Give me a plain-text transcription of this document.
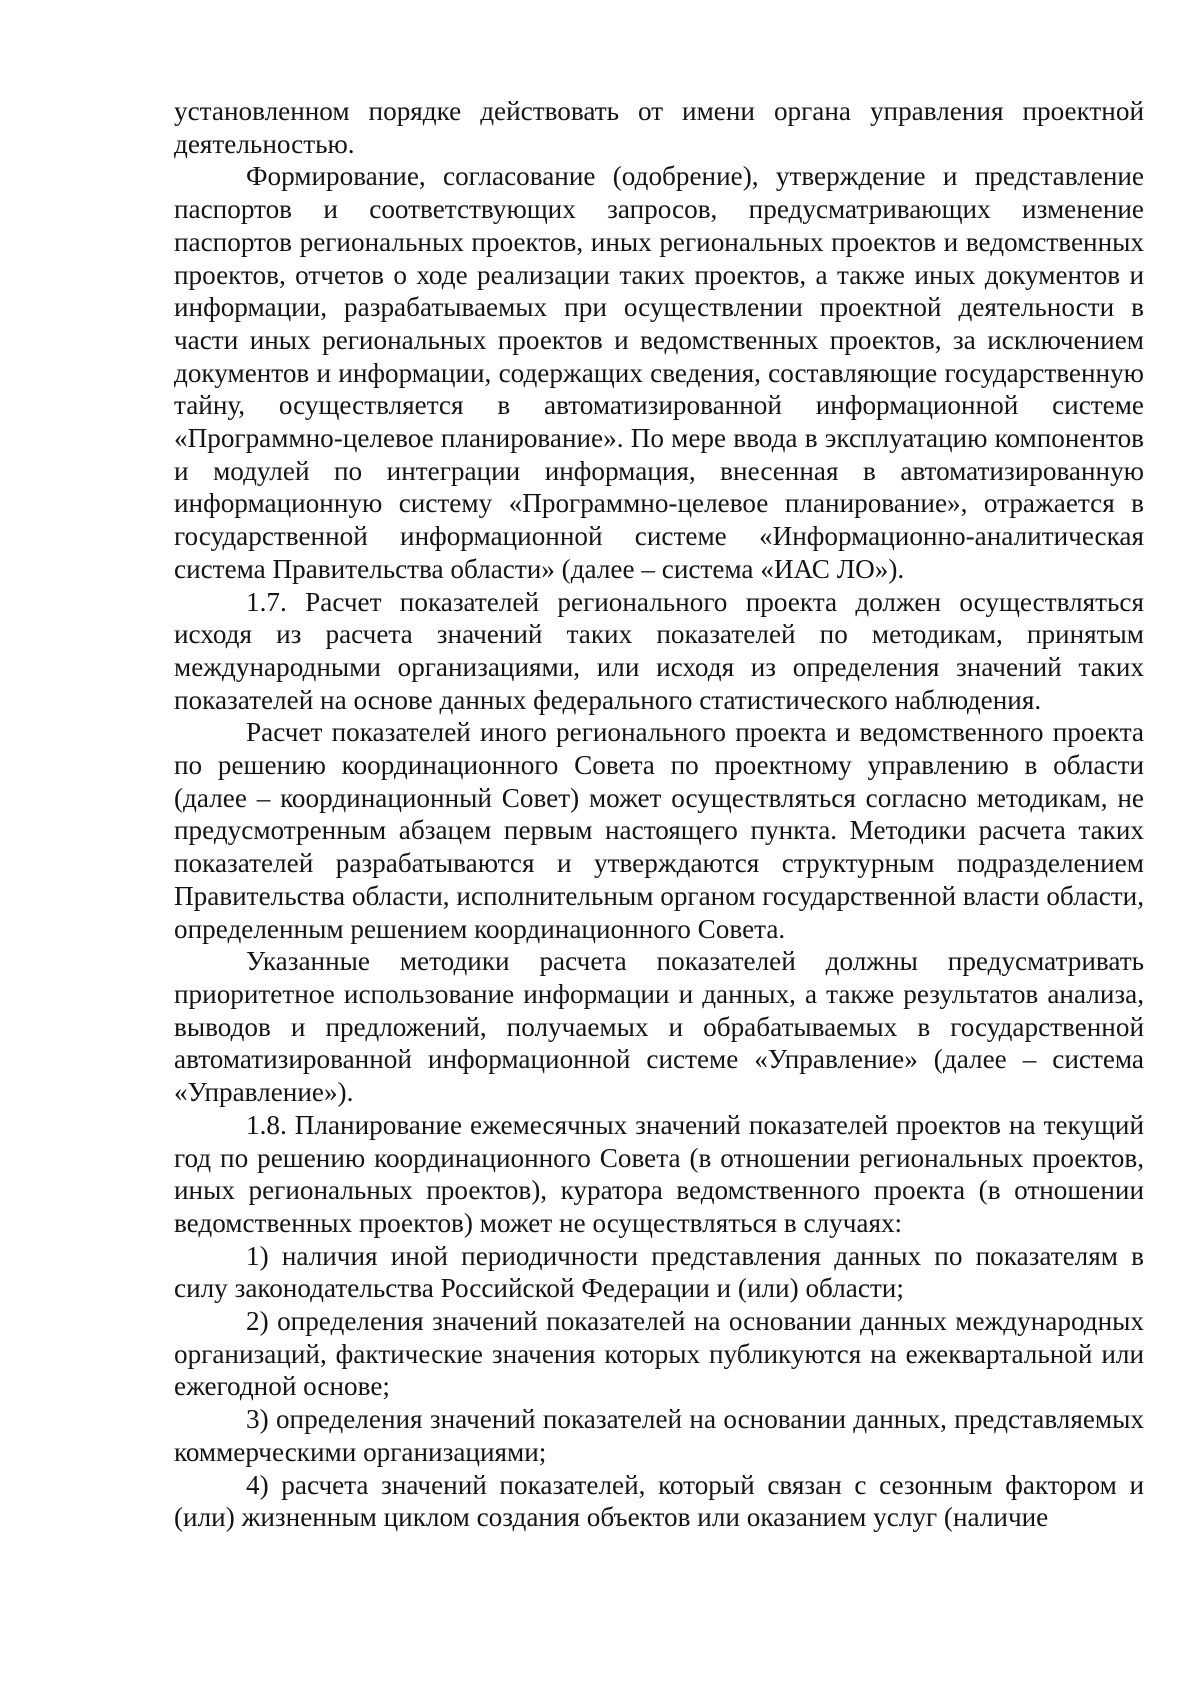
установленном порядке действовать от имени органа управления проектной деятельностью.

Формирование, согласование (одобрение), утверждение и представление паспортов и соответствующих запросов, предусматривающих изменение паспортов региональных проектов, иных региональных проектов и ведомственных проектов, отчетов о ходе реализации таких проектов, а также иных документов и информации, разрабатываемых при осуществлении проектной деятельности в части иных региональных проектов и ведомственных проектов, за исключением документов и информации, содержащих сведения, составляющие государственную тайну, осуществляется в автоматизированной информационной системе «Программно-целевое планирование». По мере ввода в эксплуатацию компонентов и модулей по интеграции информация, внесенная в автоматизированную информационную систему «Программно-целевое планирование», отражается в государственной информационной системе «Информационно-аналитическая система Правительства области» (далее – система «ИАС ЛО»).

1.7. Расчет показателей регионального проекта должен осуществляться исходя из расчета значений таких показателей по методикам, принятым международными организациями, или исходя из определения значений таких показателей на основе данных федерального статистического наблюдения.

Расчет показателей иного регионального проекта и ведомственного проекта по решению координационного Совета по проектному управлению в области (далее – координационный Совет) может осуществляться согласно методикам, не предусмотренным абзацем первым настоящего пункта. Методики расчета таких показателей разрабатываются и утверждаются структурным подразделением Правительства области, исполнительным органом государственной власти области, определенным решением координационного Совета.

Указанные методики расчета показателей должны предусматривать приоритетное использование информации и данных, а также результатов анализа, выводов и предложений, получаемых и обрабатываемых в государственной автоматизированной информационной системе «Управление» (далее – система «Управление»).

1.8. Планирование ежемесячных значений показателей проектов на текущий год по решению координационного Совета (в отношении региональных проектов, иных региональных проектов), куратора ведомственного проекта (в отношении ведомственных проектов) может не осуществляться в случаях:

1) наличия иной периодичности представления данных по показателям в силу законодательства Российской Федерации и (или) области;

2) определения значений показателей на основании данных международных организаций, фактические значения которых публикуются на ежеквартальной или ежегодной основе;

3) определения значений показателей на основании данных, представляемых коммерческими организациями;

4) расчета значений показателей, который связан с сезонным фактором и (или) жизненным циклом создания объектов или оказанием услуг (наличие
